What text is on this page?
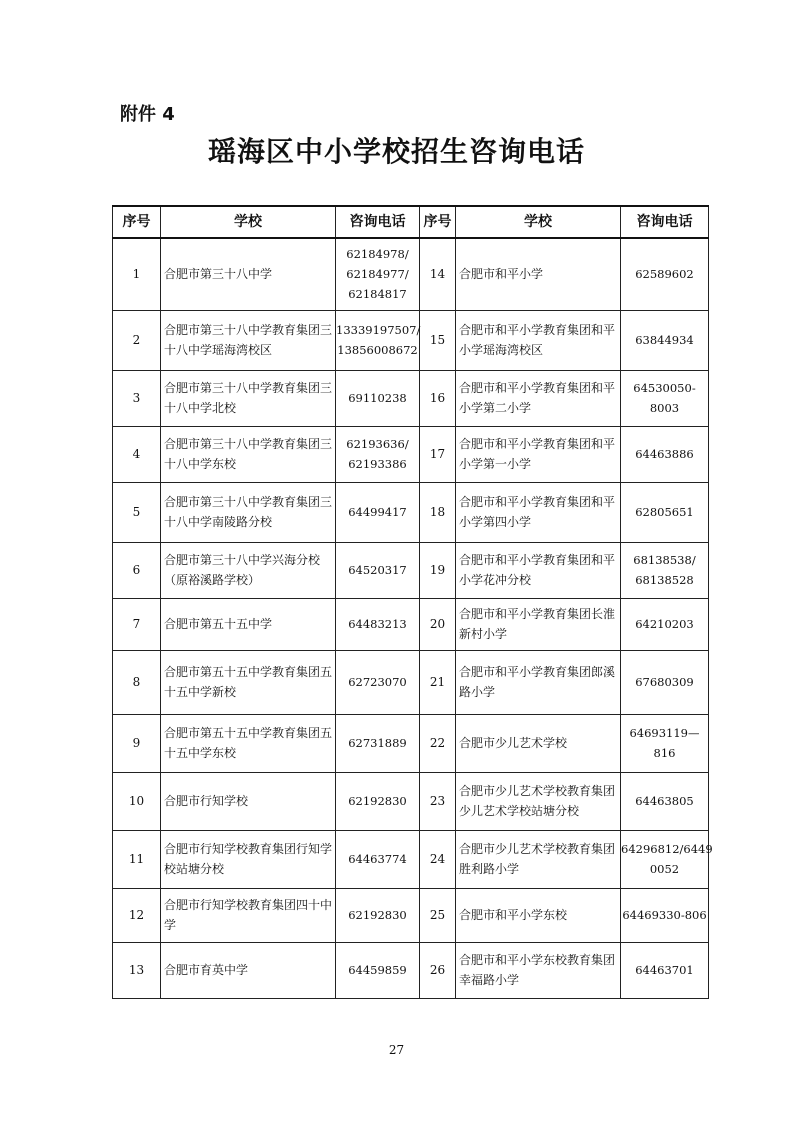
附件 4
瑶海区中小学校招生咨询电话
序号	学校	咨询电话	序号	学校	咨询电话
1	合肥市第三十八中学	62184978/
62184977/
62184817	14	合肥市和平小学	62589602
2	合肥市第三十八中学教育集团三十八中学瑶海湾校区	13339197507/
13856008672	15	合肥市和平小学教育集团和平小学瑶海湾校区	63844934
3	合肥市第三十八中学教育集团三十八中学北校	69110238	16	合肥市和平小学教育集团和平小学第二小学	64530050-8003
4	合肥市第三十八中学教育集团三十八中学东校	62193636/
62193386	17	合肥市和平小学教育集团和平小学第一小学	64463886
5	合肥市第三十八中学教育集团三十八中学南陵路分校	64499417	18	合肥市和平小学教育集团和平小学第四小学	62805651
6	合肥市第三十八中学兴海分校（原裕溪路学校）	64520317	19	合肥市和平小学教育集团和平小学花冲分校	68138538/
68138528
7	合肥市第五十五中学	64483213	20	合肥市和平小学教育集团长淮新村小学	64210203
8	合肥市第五十五中学教育集团五十五中学新校	62723070	21	合肥市和平小学教育集团郎溪路小学	67680309
9	合肥市第五十五中学教育集团五十五中学东校	62731889	22	合肥市少儿艺术学校	64693119—816
10	合肥市行知学校	62192830	23	合肥市少儿艺术学校教育集团少儿艺术学校站塘分校	64463805
11	合肥市行知学校教育集团行知学校站塘分校	64463774	24	合肥市少儿艺术学校教育集团胜利路小学	64296812/6449
0052
12	合肥市行知学校教育集团四十中学	62192830	25	合肥市和平小学东校	64469330-806
13	合肥市育英中学	64459859	26	合肥市和平小学东校教育集团幸福路小学	64463701
27
